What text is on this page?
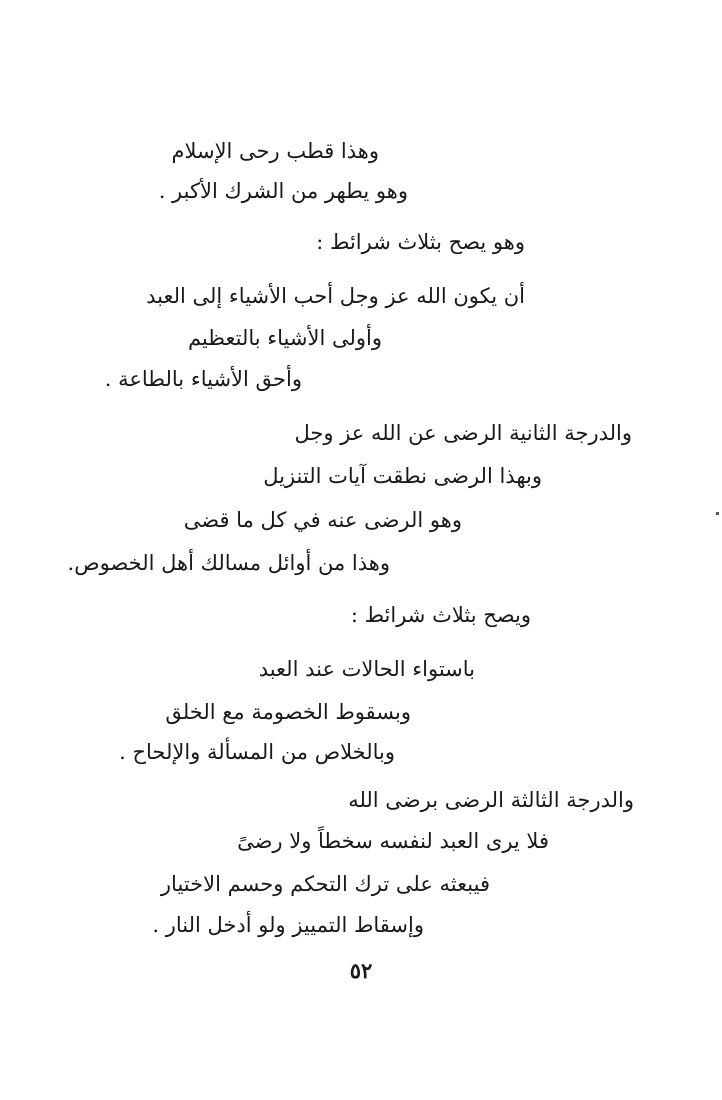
وهذا قطب رحى الإسلام
وهو يطهر من الشرك الأكبر .
وهو يصح بثلاث شرائط :
أن يكون الله عز وجل أحب الأشياء إلى العبد
وأولى الأشياء بالتعظيم
وأحق الأشياء بالطاعة .
والدرجة الثانية الرضى عن الله عز وجل
وبهذا الرضى نطقت آيات التنزيل
وهو الرضى عنه في كل ما قضى
وهذا من أوائل مسالك أهل الخصوص.
ويصح بثلاث شرائط :
باستواء الحالات عند العبد
وبسقوط الخصومة مع الخلق
وبالخلاص من المسألة والإلحاح .
والدرجة الثالثة الرضى برضى الله
فلا يرى العبد لنفسه سخطاً ولا رضىً
فيبعثه على ترك التحكم وحسم الاختيار
وإسقاط التمييز ولو أدخل النار .
٥٢
